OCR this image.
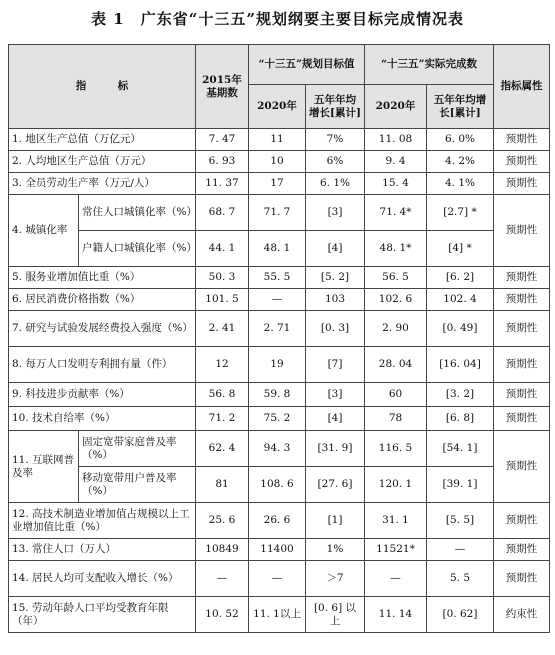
表 1　广东省“十三五”规划纲要主要目标完成情况表
指　　　标		2015年基期数	“十三五”规划目标值		“十三五”实际完成数		指标属性
			2020年	五年年均增长[累计]	2020年	五年年均增长[累计]	
1. 地区生产总值（万亿元）		7. 47	11	7%	11. 08	6. 0%	预期性
2. 人均地区生产总值（万元）		6. 93	10	6%	9. 4	4. 2%	预期性
3. 全员劳动生产率（万元/人）		11. 37	17	6. 1%	15. 4	4. 1%	预期性
4. 城镇化率	常住人口城镇化率（%）	68. 7	71. 7	[3]	71. 4*	[2.7] *	预期性
	户籍人口城镇化率（%）	44. 1	48. 1	[4]	48. 1*	[4] *	
5. 服务业增加值比重（%）		50. 3	55. 5	[5. 2]	56. 5	[6. 2]	预期性
6. 居民消费价格指数（%）		101. 5	—	103	102. 6	102. 4	预期性
7. 研究与试验发展经费投入强度（%）		2. 41	2. 71	[0. 3]	2. 90	[0. 49]	预期性
8. 每万人口发明专利拥有量（件）		12	19	[7]	28. 04	[16. 04]	预期性
9. 科技进步贡献率（%）		56. 8	59. 8	[3]	60	[3. 2]	预期性
10. 技术自给率（%）		71. 2	75. 2	[4]	78	[6. 8]	预期性
11. 互联网普及率	固定宽带家庭普及率（%）	62. 4	94. 3	[31. 9]	116. 5	[54. 1]	预期性
	移动宽带用户普及率（%）	81	108. 6	[27. 6]	120. 1	[39. 1]	
12. 高技术制造业增加值占规模以上工业增加值比重（%）		25. 6	26. 6	[1]	31. 1	[5. 5]	预期性
13. 常住人口（万人）		10849	11400	1%	11521*	—	预期性
14. 居民人均可支配收入增长（%）		—	—	＞7	—	5. 5	预期性
15. 劳动年龄人口平均受教育年限（年）		10. 52	11. 1以上	[0. 6] 以上	11. 14	[0. 62]	约束性
